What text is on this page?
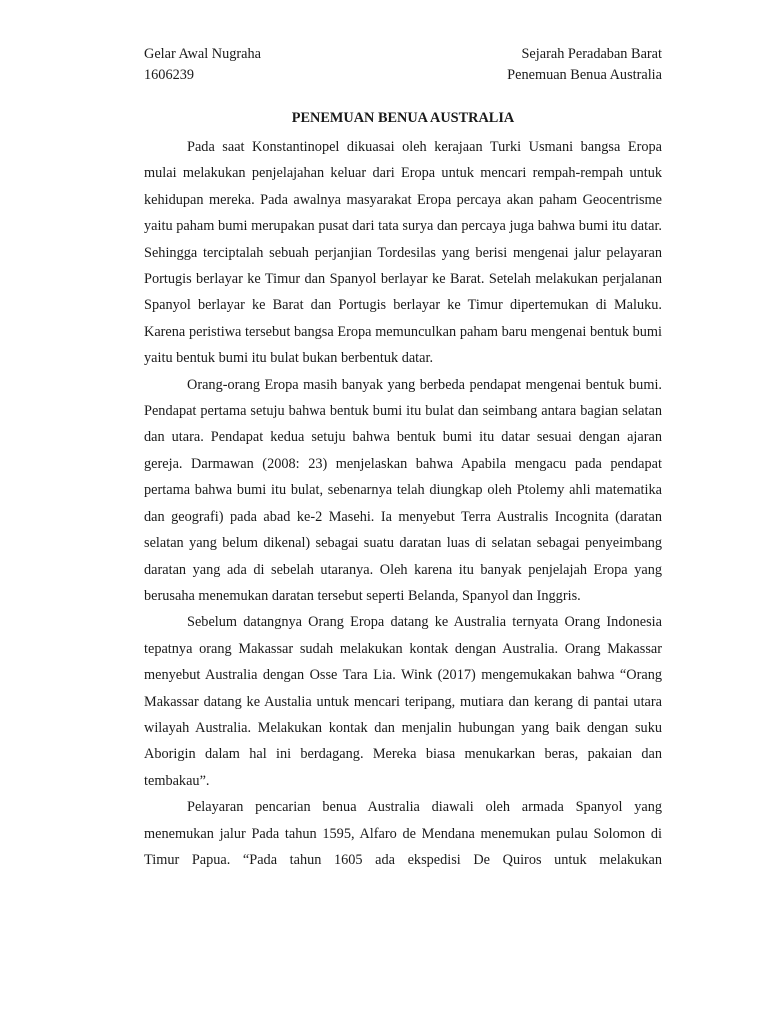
Gelar Awal Nugraha
1606239
Sejarah Peradaban Barat
Penemuan Benua Australia
PENEMUAN BENUA AUSTRALIA

Pada saat Konstantinopel dikuasai oleh kerajaan Turki Usmani bangsa Eropa mulai melakukan penjelajahan keluar dari Eropa untuk mencari rempah-rempah untuk kehidupan mereka. Pada awalnya masyarakat Eropa percaya akan paham Geocentrisme yaitu paham bumi merupakan pusat dari tata surya dan percaya juga bahwa bumi itu datar. Sehingga terciptalah sebuah perjanjian Tordesilas yang berisi mengenai jalur pelayaran Portugis berlayar ke Timur dan Spanyol berlayar ke Barat. Setelah melakukan perjalanan Spanyol berlayar ke Barat dan Portugis berlayar ke Timur dipertemukan di Maluku. Karena peristiwa tersebut bangsa Eropa memunculkan paham baru mengenai bentuk bumi yaitu bentuk bumi itu bulat bukan berbentuk datar.

Orang-orang Eropa masih banyak yang berbeda pendapat mengenai bentuk bumi. Pendapat pertama setuju bahwa bentuk bumi itu bulat dan seimbang antara bagian selatan dan utara. Pendapat kedua setuju bahwa bentuk bumi itu datar sesuai dengan ajaran gereja. Darmawan (2008: 23) menjelaskan bahwa Apabila mengacu pada pendapat pertama bahwa bumi itu bulat, sebenarnya telah diungkap oleh Ptolemy ahli matematika dan geografi) pada abad ke-2 Masehi. Ia menyebut Terra Australis Incognita (daratan selatan yang belum dikenal) sebagai suatu daratan luas di selatan sebagai penyeimbang daratan yang ada di sebelah utaranya. Oleh karena itu banyak penjelajah Eropa yang berusaha menemukan daratan tersebut seperti Belanda, Spanyol dan Inggris.

Sebelum datangnya Orang Eropa datang ke Australia ternyata Orang Indonesia tepatnya orang Makassar sudah melakukan kontak dengan Australia. Orang Makassar menyebut Australia dengan Osse Tara Lia. Wink (2017) mengemukakan bahwa “Orang Makassar datang ke Austalia untuk mencari teripang, mutiara dan kerang di pantai utara wilayah Australia. Melakukan kontak dan menjalin hubungan yang baik dengan suku Aborigin dalam hal ini berdagang. Mereka biasa menukarkan beras, pakaian dan tembakau”.

Pelayaran pencarian benua Australia diawali oleh armada Spanyol yang menemukan jalur Pada tahun 1595, Alfaro de Mendana menemukan pulau Solomon di Timur Papua. “Pada tahun 1605 ada ekspedisi De Quiros untuk melakukan
